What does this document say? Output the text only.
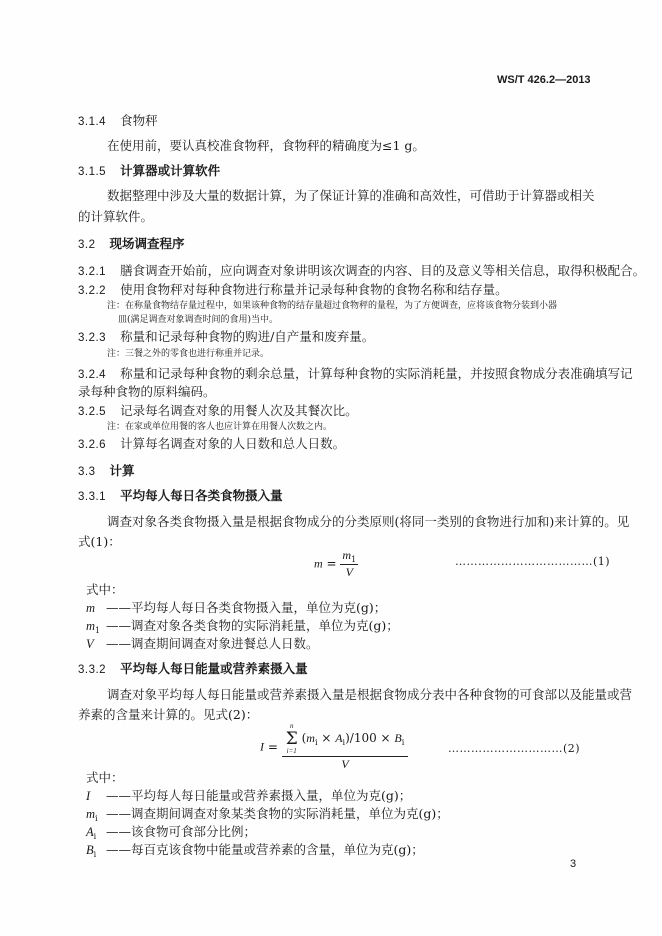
WS/T 426.2—2013
3.1.4 食物秤
在使用前，要认真校准食物秤，食物秤的精确度为≤1 g。
3.1.5 计算器或计算软件
数据整理中涉及大量的数据计算，为了保证计算的准确和高效性，可借助于计算器或相关的计算软件。
3.2 现场调查程序
3.2.1 膳食调查开始前，应向调查对象讲明该次调查的内容、目的及意义等相关信息，取得积极配合。
3.2.2 使用食物秤对每种食物进行称量并记录每种食物的食物名称和结存量。
注：在称量食物结存量过程中，如果该种食物的结存量超过食物秤的量程，为了方便调查，应将该食物分装到小器
皿(满足调查对象调查时间的食用)当中。
3.2.3 称量和记录每种食物的购进/自产量和废弃量。
注：三餐之外的零食也进行称重并记录。
3.2.4 称量和记录每种食物的剩余总量，计算每种食物的实际消耗量，并按照食物成分表准确填写记
录每种食物的原料编码。
3.2.5 记录每名调查对象的用餐人次及其餐次比。
注：在家或单位用餐的客人也应计算在用餐人次数之内。
3.2.6 计算每名调查对象的人日数和总人日数。
3.3 计算
3.3.1 平均每人每日各类食物摄入量
调查对象各类食物摄入量是根据食物成分的分类原则(将同一类别的食物进行加和)来计算的。见
式(1)：
$m = \frac{m_1}{V}$	………………………………(1)
式中：
m ——平均每人每日各类食物摄入量，单位为克(g)；
$m_1$ ——调查对象各类食物的实际消耗量，单位为克(g)；
V ——调查期间调查对象进餐总人日数。
3.3.2 平均每人每日能量或营养素摄入量
调查对象平均每人每日能量或营养素摄入量是根据食物成分表中各种食物的可食部以及能量或营
养素的含量来计算的。见式(2)：
I = n
Σ
i=1
$(m_i \times A_i)/100 \times B_i$
V	…………………………(2)
式中：
I ——平均每人每日能量或营养素摄入量，单位为克(g)；
$m_i$ ——调查期间调查对象某类食物的实际消耗量，单位为克(g)；
$A_i$ ——该食物可食部分比例；
$B_i$ ——每百克该食物中能量或营养素的含量，单位为克(g)；
3
